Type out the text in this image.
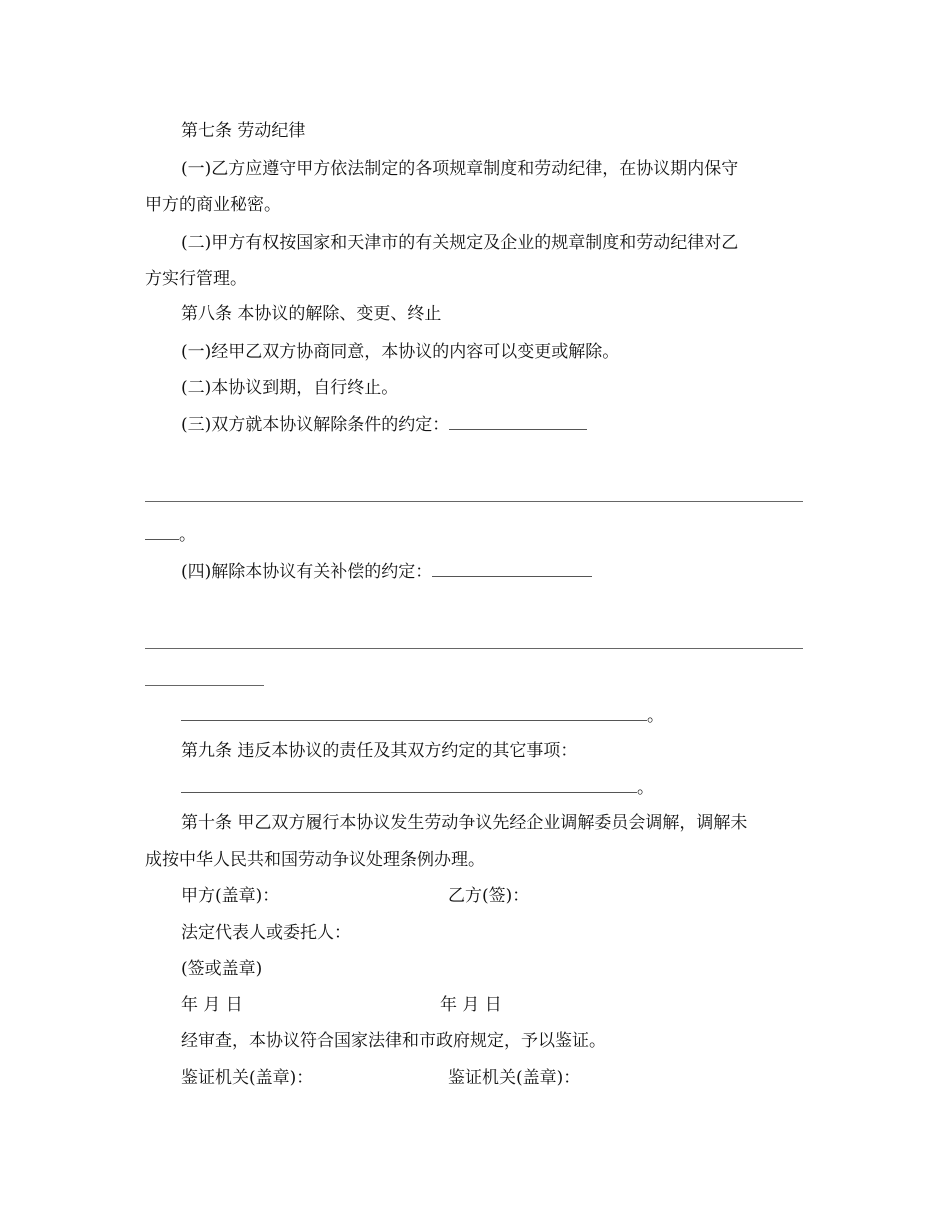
第七条 劳动纪律
(一)乙方应遵守甲方依法制定的各项规章制度和劳动纪律，在协议期内保守
甲方的商业秘密。
(二)甲方有权按国家和天津市的有关规定及企业的规章制度和劳动纪律对乙
方实行管理。
第八条 本协议的解除、变更、终止
(一)经甲乙双方协商同意，本协议的内容可以变更或解除。
(二)本协议到期，自行终止。
(三)双方就本协议解除条件的约定：
。
(四)解除本协议有关补偿的约定：
。
第九条 违反本协议的责任及其双方约定的其它事项：
。
第十条 甲乙双方履行本协议发生劳动争议先经企业调解委员会调解，调解未
成按中华人民共和国劳动争议处理条例办理。
甲方(盖章)：	乙方(签)：
法定代表人或委托人：
(签或盖章)
年 月 日	年 月 日
经审查，本协议符合国家法律和市政府规定，予以鉴证。
鉴证机关(盖章)：	鉴证机关(盖章)：
